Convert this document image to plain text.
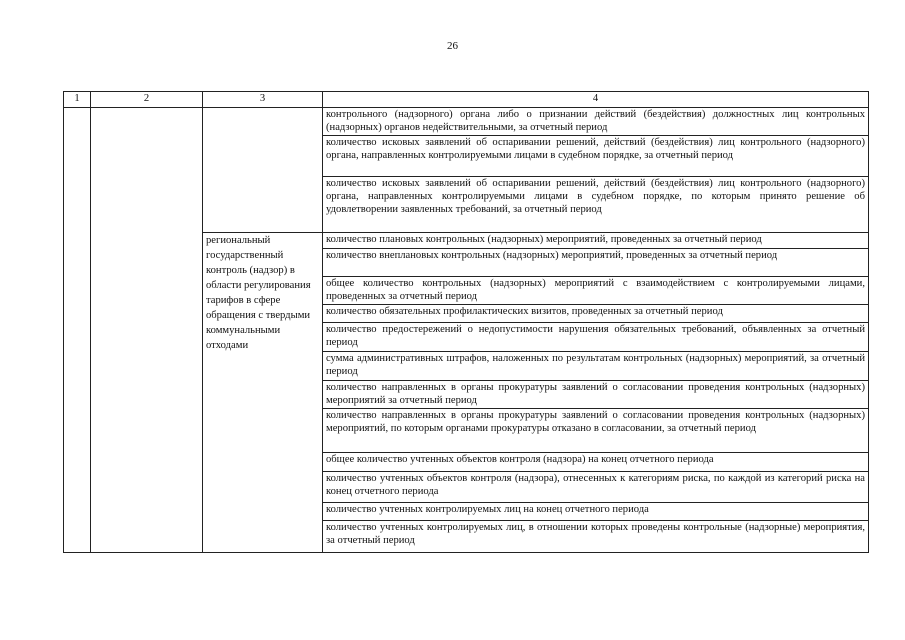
26
1	2	3	4

			контрольного (надзорного) органа либо о признании действий (бездействия) должностных лиц контрольных (надзорных) органов недействительными, за отчетный период

			количество исковых заявлений об оспаривании решений, действий (бездействия) лиц контрольного (надзорного) органа, направленных контролируемыми лицами в судебном порядке, за отчетный период

			количество исковых заявлений об оспаривании решений, действий (бездействия) лиц контрольного (надзорного) органа, направленных контролируемыми лицами в судебном порядке, по которым принято решение об удовлетворении заявленных требований, за отчетный период

		региональный государственный контроль (надзор) в области регулирования тарифов в сфере обращения с твердыми коммунальными отходами	количество плановых контрольных (надзорных) мероприятий, проведенных за отчетный период

			количество внеплановых контрольных (надзорных) мероприятий, проведенных за отчетный период

			общее количество контрольных (надзорных) мероприятий с взаимодействием с контролируемыми лицами, проведенных за отчетный период

			количество обязательных профилактических визитов, проведенных за отчетный период

			количество предостережений о недопустимости нарушения обязательных требований, объявленных за отчетный период

			сумма административных штрафов, наложенных по результатам контрольных (надзорных) мероприятий, за отчетный период

			количество направленных в органы прокуратуры заявлений о согласовании проведения контрольных (надзорных) мероприятий за отчетный период

			количество направленных в органы прокуратуры заявлений о согласовании проведения контрольных (надзорных) мероприятий, по которым органами прокуратуры отказано в согласовании, за отчетный период

			общее количество учтенных объектов контроля (надзора) на конец отчетного периода

			количество учтенных объектов контроля (надзора), отнесенных к категориям риска, по каждой из категорий риска на конец отчетного периода

			количество учтенных контролируемых лиц на конец отчетного периода

			количество учтенных контролируемых лиц, в отношении которых проведены контрольные (надзорные) мероприятия, за отчетный период
